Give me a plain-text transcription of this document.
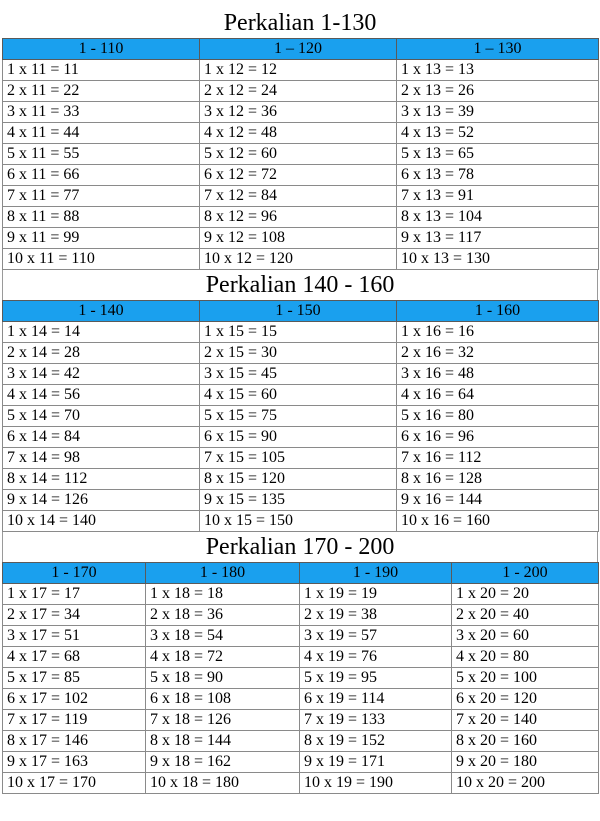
Perkalian 1-130
1 - 110	1 – 120	1 – 130
1 x 11 = 11	1 x 12 = 12	1 x 13 = 13
2 x 11 = 22	2 x 12 = 24	2 x 13 = 26
3 x 11 = 33	3 x 12 = 36	3 x 13 = 39
4 x 11 = 44	4 x 12 = 48	4 x 13 = 52
5 x 11 = 55	5 x 12 = 60	5 x 13 = 65
6 x 11 = 66	6 x 12 = 72	6 x 13 = 78
7 x 11 = 77	7 x 12 = 84	7 x 13 = 91
8 x 11 = 88	8 x 12 = 96	8 x 13 = 104
9 x 11 = 99	9 x 12 = 108	9 x 13 = 117
10 x 11 = 110	10 x 12 = 120	10 x 13 = 130
Perkalian 140 - 160
1 - 140	1 - 150	1 - 160
1 x 14 = 14	1 x 15 = 15	1 x 16 = 16
2 x 14 = 28	2 x 15 = 30	2 x 16 = 32
3 x 14 = 42	3 x 15 = 45	3 x 16 = 48
4 x 14 = 56	4 x 15 = 60	4 x 16 = 64
5 x 14 = 70	5 x 15 = 75	5 x 16 = 80
6 x 14 = 84	6 x 15 = 90	6 x 16 = 96
7 x 14 = 98	7 x 15 = 105	7 x 16 = 112
8 x 14 = 112	8 x 15 = 120	8 x 16 = 128
9 x 14 = 126	9 x 15 = 135	9 x 16 = 144
10 x 14 = 140	10 x 15 = 150	10 x 16 = 160
Perkalian 170 - 200
1 - 170	1 - 180	1 - 190	1 - 200
1 x 17 = 17	1 x 18 = 18	1 x 19 = 19	1 x 20 = 20
2 x 17 = 34	2 x 18 = 36	2 x 19 = 38	2 x 20 = 40
3 x 17 = 51	3 x 18 = 54	3 x 19 = 57	3 x 20 = 60
4 x 17 = 68	4 x 18 = 72	4 x 19 = 76	4 x 20 = 80
5 x 17 = 85	5 x 18 = 90	5 x 19 = 95	5 x 20 = 100
6 x 17 = 102	6 x 18 = 108	6 x 19 = 114	6 x 20 = 120
7 x 17 = 119	7 x 18 = 126	7 x 19 = 133	7 x 20 = 140
8 x 17 = 146	8 x 18 = 144	8 x 19 = 152	8 x 20 = 160
9 x 17 = 163	9 x 18 = 162	9 x 19 = 171	9 x 20 = 180
10 x 17 = 170	10 x 18 = 180	10 x 19 = 190	10 x 20 = 200
